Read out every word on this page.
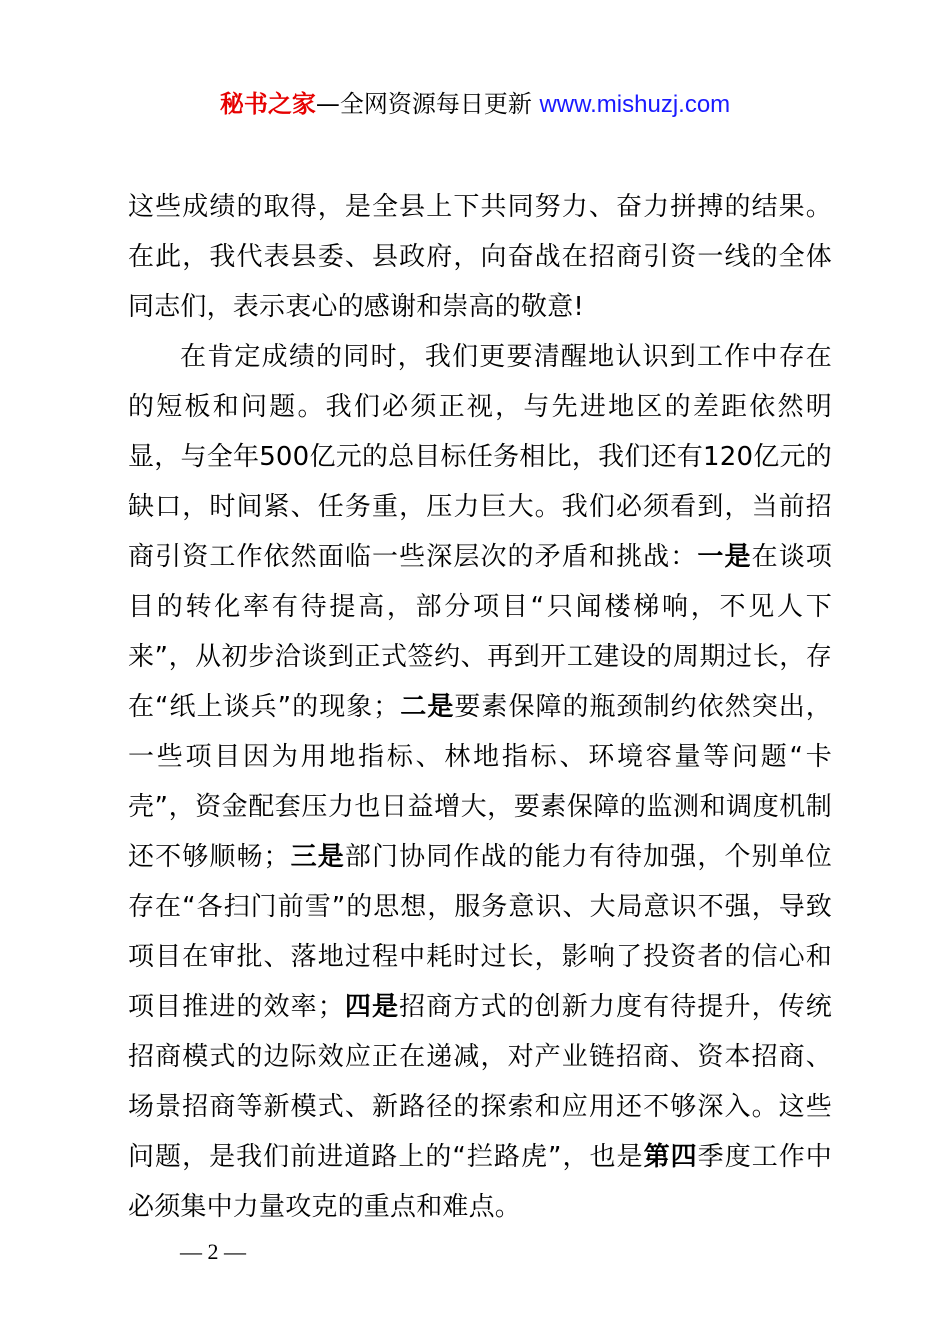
秘书之家—全网资源每日更新 www.mishuzj.com

这些成绩的取得，是全县上下共同努力、奋力拼搏的结果。在此，我代表县委、县政府，向奋战在招商引资一线的全体同志们，表示衷心的感谢和崇高的敬意!

在肯定成绩的同时，我们更要清醒地认识到工作中存在的短板和问题。我们必须正视，与先进地区的差距依然明显，与全年500亿元的总目标任务相比，我们还有120亿元的缺口，时间紧、任务重，压力巨大。我们必须看到，当前招商引资工作依然面临一些深层次的矛盾和挑战：一是在谈项目的转化率有待提高，部分项目“只闻楼梯响，不见人下来”，从初步洽谈到正式签约、再到开工建设的周期过长，存在“纸上谈兵”的现象；二是要素保障的瓶颈制约依然突出，一些项目因为用地指标、林地指标、环境容量等问题“卡壳”，资金配套压力也日益增大，要素保障的监测和调度机制还不够顺畅；三是部门协同作战的能力有待加强，个别单位存在“各扫门前雪”的思想，服务意识、大局意识不强，导致项目在审批、落地过程中耗时过长，影响了投资者的信心和项目推进的效率；四是招商方式的创新力度有待提升，传统招商模式的边际效应正在递减，对产业链招商、资本招商、场景招商等新模式、新路径的探索和应用还不够深入。这些问题，是我们前进道路上的“拦路虎”，也是第四季度工作中必须集中力量攻克的重点和难点。

— 2 —
